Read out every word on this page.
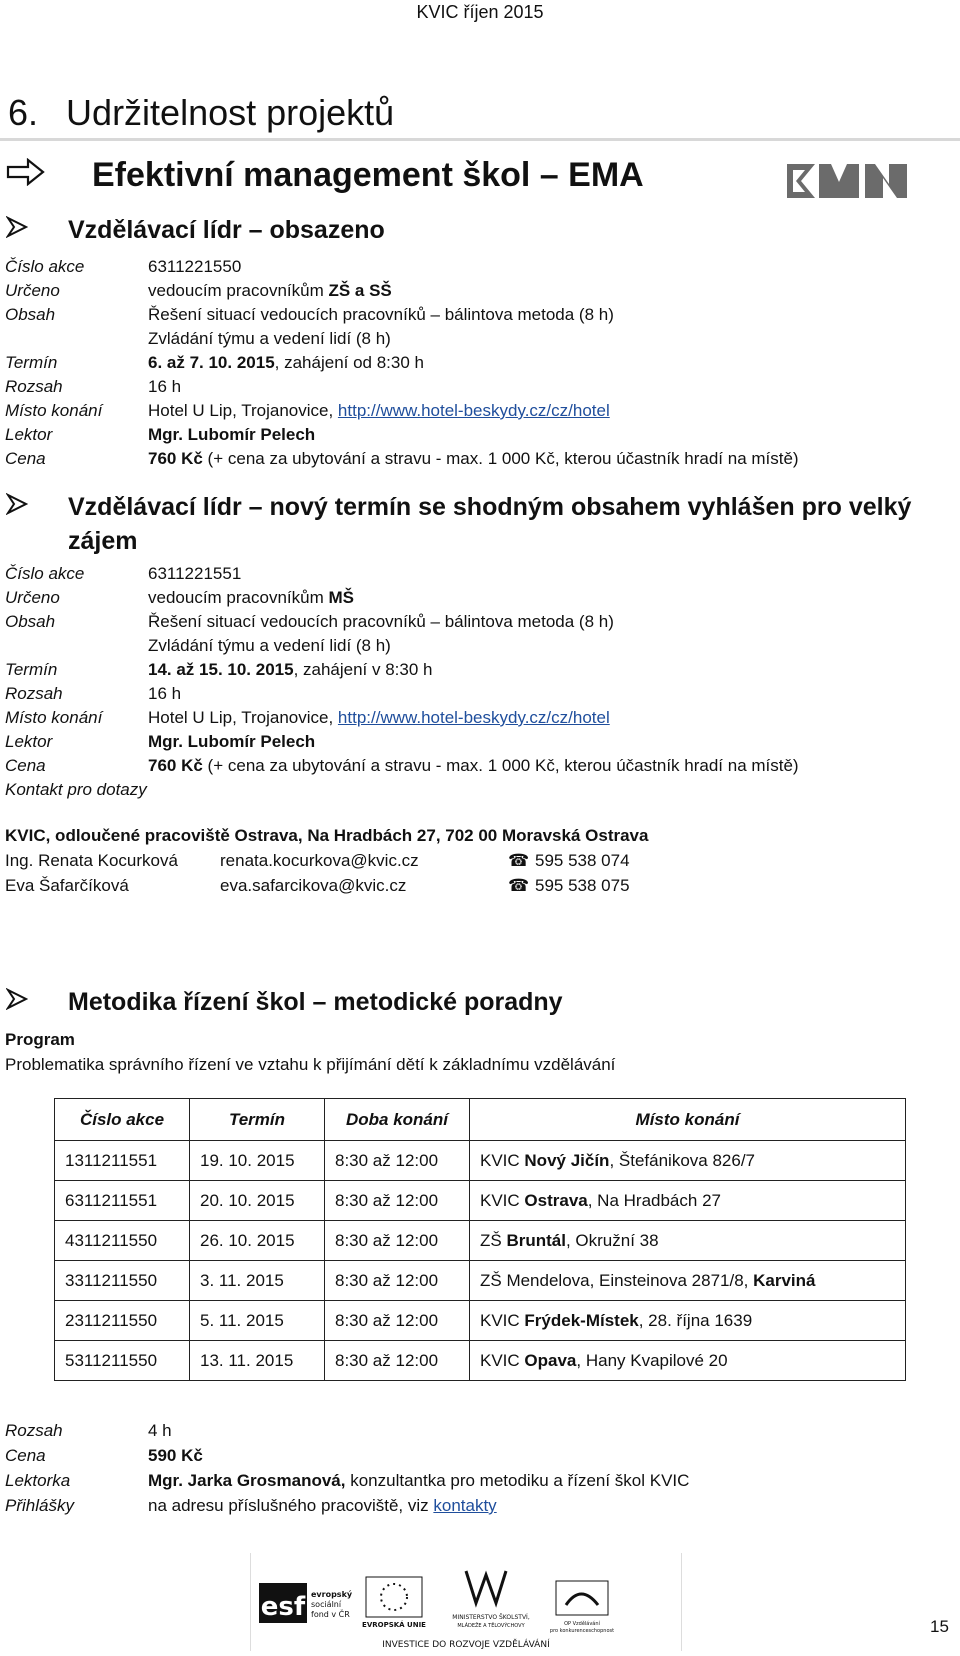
KVIC říjen 2015
6. Udržitelnost projektů
Efektivní management škol – EMA
Vzdělávací lídr – obsazeno
Číslo akce	6311221550
Určeno	vedoucím pracovníkům ZŠ a SŠ
Obsah	Řešení situací vedoucích pracovníků – bálintova metoda (8 h)
Zvládání týmu a vedení lidí (8 h)
Termín	6. až 7. 10. 2015, zahájení od 8:30 h
Rozsah	16 h
Místo konání	Hotel U Lip, Trojanovice, http://www.hotel-beskydy.cz/cz/hotel
Lektor	Mgr. Lubomír Pelech
Cena	760 Kč (+ cena za ubytování a stravu - max. 1 000 Kč, kterou účastník hradí na místě)
Vzdělávací lídr – nový termín se shodným obsahem vyhlášen pro velký
zájem
Číslo akce	6311221551
Určeno	vedoucím pracovníkům MŠ
Obsah	Řešení situací vedoucích pracovníků – bálintova metoda (8 h)
Zvládání týmu a vedení lidí (8 h)
Termín	14. až 15. 10. 2015, zahájení v 8:30 h
Rozsah	16 h
Místo konání	Hotel U Lip, Trojanovice, http://www.hotel-beskydy.cz/cz/hotel
Lektor	Mgr. Lubomír Pelech
Cena	760 Kč (+ cena za ubytování a stravu - max. 1 000 Kč, kterou účastník hradí na místě)
Kontakt pro dotazy
KVIC, odloučené pracoviště Ostrava, Na Hradbách 27, 702 00 Moravská Ostrava
Ing. Renata Kocurková renata.kocurkova@kvic.cz	☎ 595 538 074
Eva Šafarčíková	eva.safarcikova@kvic.cz	☎ 595 538 075
Metodika řízení škol – metodické poradny
Program
Problematika správního řízení ve vztahu k přijímání dětí k základnímu vzdělávání
Číslo akce	Termín	Doba konání	Místo konání
1311211551	19. 10. 2015	8:30 až 12:00	KVIC Nový Jičín, Štefánikova 826/7
6311211551	20. 10. 2015	8:30 až 12:00	KVIC Ostrava, Na Hradbách 27
4311211550	26. 10. 2015	8:30 až 12:00	ZŠ Bruntál, Okružní 38
3311211550	3. 11. 2015	8:30 až 12:00	ZŠ Mendelova, Einsteinova 2871/8, Karviná
2311211550	5. 11. 2015	8:30 až 12:00	KVIC Frýdek-Místek, 28. října 1639
5311211550	13. 11. 2015	8:30 až 12:00	KVIC Opava, Hany Kvapilové 20
Rozsah	4 h
Cena	590 Kč
Lektorka	Mgr. Jarka Grosmanová, konzultantka pro metodiku a řízení škol KVIC
Přihlášky	na adresu příslušného pracoviště, viz kontakty
esf evropský
sociální
fond v ČR
EVROPSKÁ UNIE
MINISTERSTVO ŠKOLSTVÍ,
MLÁDEŽE A TĚLOVÝCHOVY	OP Vzdělávání
pro konkurenceschopnost
INVESTICE DO ROZVOJE VZDĚLÁVÁNÍ
15
